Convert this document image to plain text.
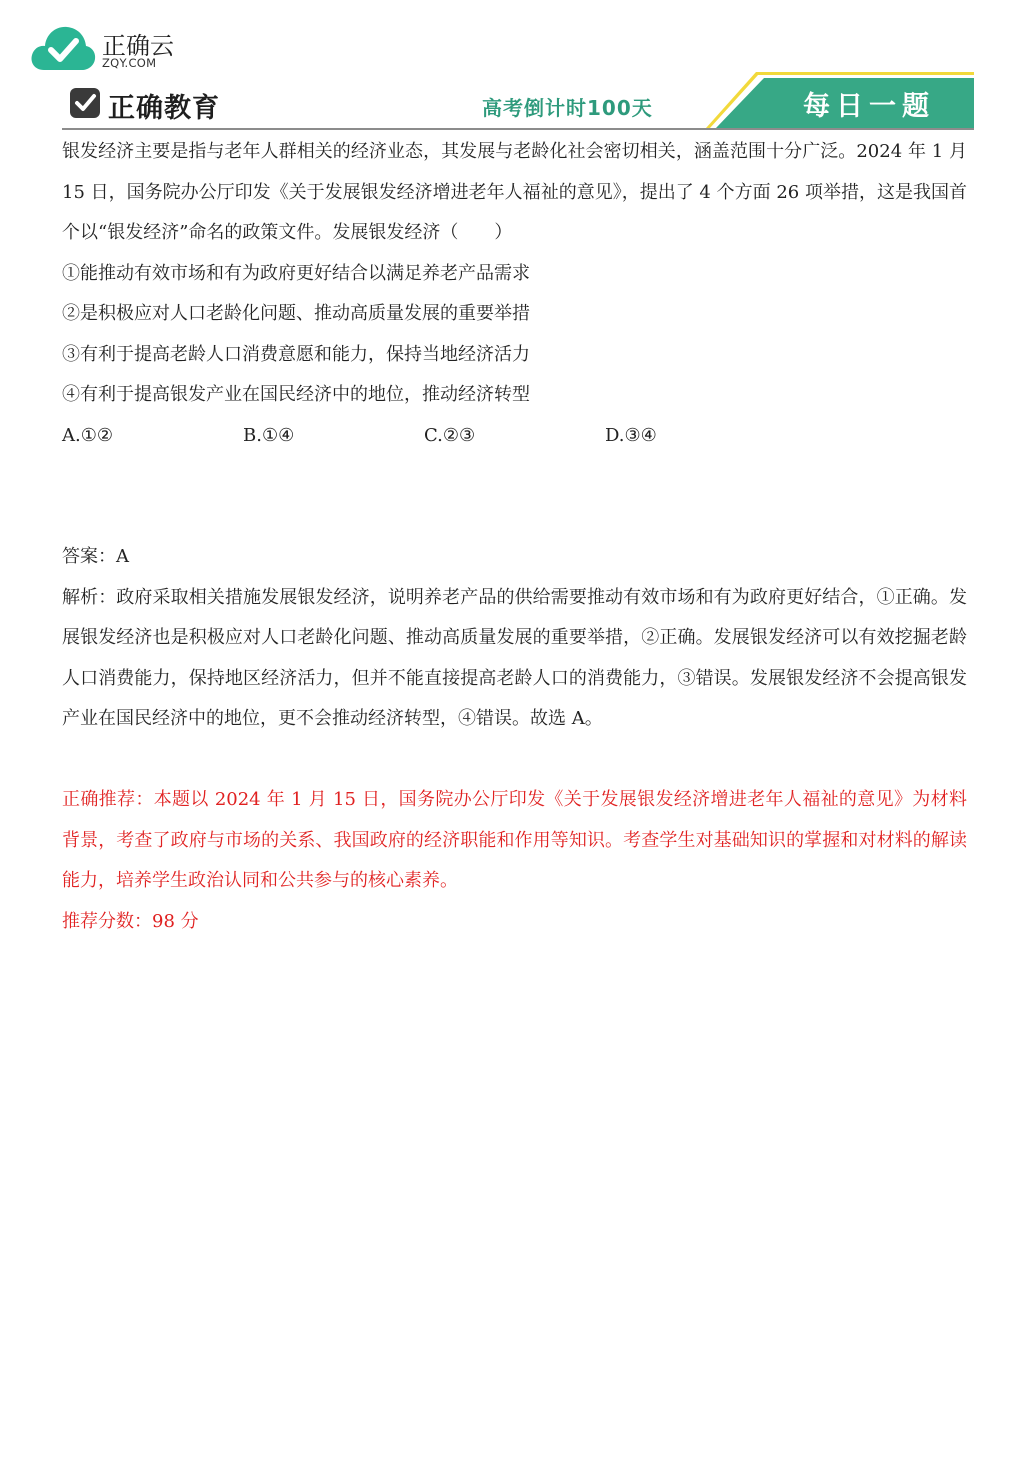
正确云
ZQY.COM
正确教育	高考倒计时100天	每日一题

银发经济主要是指与老年人群相关的经济业态，其发展与老龄化社会密切相关，涵盖范围十分广泛。2024 年 1 月 15 日，国务院办公厅印发《关于发展银发经济增进老年人福祉的意见》，提出了 4 个方面 26 项举措，这是我国首个以“银发经济”命名的政策文件。发展银发经济（　　）

①能推动有效市场和有为政府更好结合以满足养老产品需求

②是积极应对人口老龄化问题、推动高质量发展的重要举措

③有利于提高老龄人口消费意愿和能力，保持当地经济活力

④有利于提高银发产业在国民经济中的地位，推动经济转型

A.①②	B.①④	C.②③	D.③④

答案：A

解析：政府采取相关措施发展银发经济，说明养老产品的供给需要推动有效市场和有为政府更好结合，①正确。发展银发经济也是积极应对人口老龄化问题、推动高质量发展的重要举措，②正确。发展银发经济可以有效挖掘老龄人口消费能力，保持地区经济活力，但并不能直接提高老龄人口的消费能力，③错误。发展银发经济不会提高银发产业在国民经济中的地位，更不会推动经济转型，④错误。故选 A。

正确推荐：本题以 2024 年 1 月 15 日，国务院办公厅印发《关于发展银发经济增进老年人福祉的意见》为材料背景，考查了政府与市场的关系、我国政府的经济职能和作用等知识。考查学生对基础知识的掌握和对材料的解读能力，培养学生政治认同和公共参与的核心素养。

推荐分数：98 分
